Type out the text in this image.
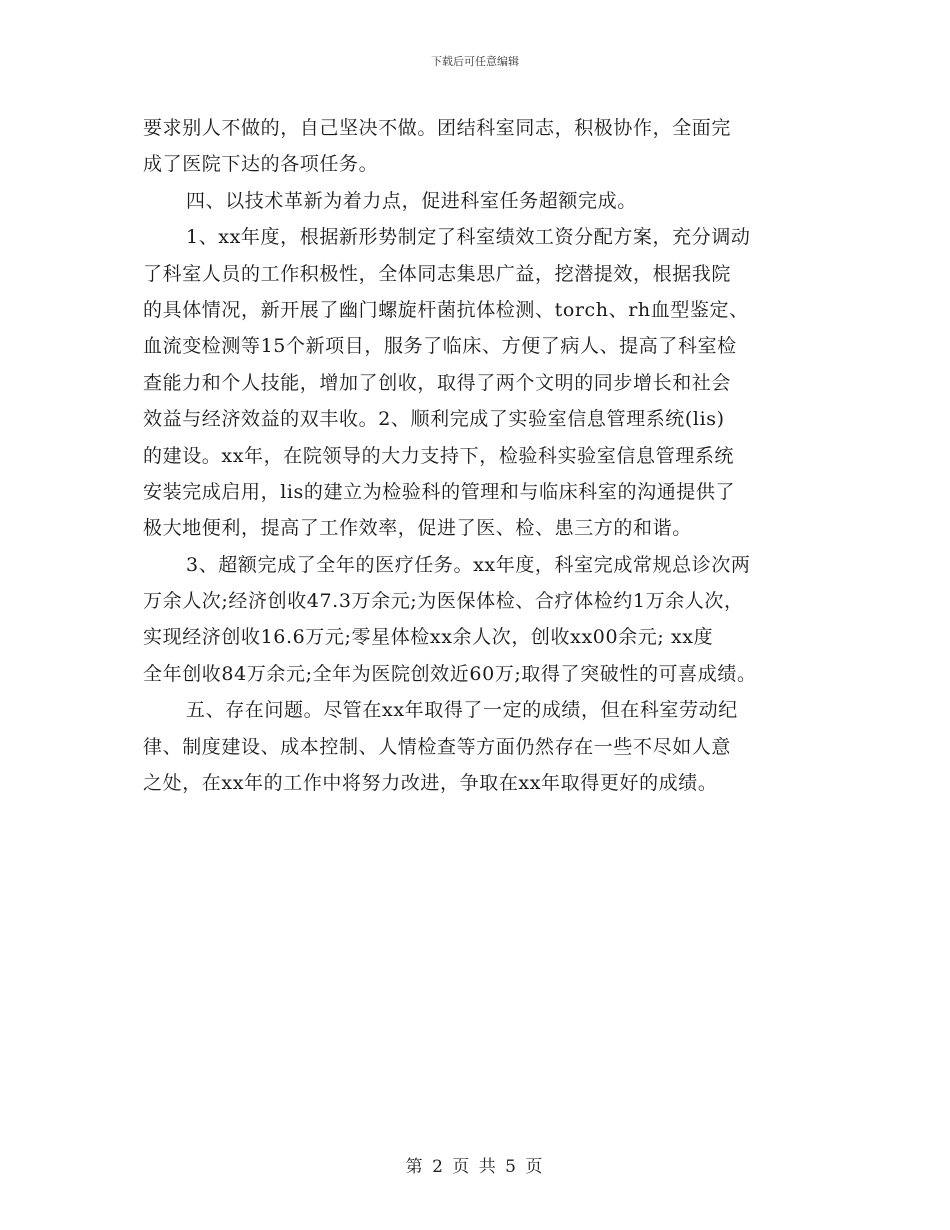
下载后可任意编辑
要求别人不做的，自己坚决不做。团结科室同志，积极协作，全面完
成了医院下达的各项任务。
四、以技术革新为着力点，促进科室任务超额完成。
1、xx年度，根据新形势制定了科室绩效工资分配方案，充分调动
了科室人员的工作积极性，全体同志集思广益，挖潜提效，根据我院
的具体情况，新开展了幽门螺旋杆菌抗体检测、torch、rh血型鉴定、
血流变检测等15个新项目，服务了临床、方便了病人、提高了科室检
查能力和个人技能，增加了创收，取得了两个文明的同步增长和社会
效益与经济效益的双丰收。2、顺利完成了实验室信息管理系统(lis)
的建设。xx年，在院领导的大力支持下，检验科实验室信息管理系统
安装完成启用，lis的建立为检验科的管理和与临床科室的沟通提供了
极大地便利，提高了工作效率，促进了医、检、患三方的和谐。
3、超额完成了全年的医疗任务。xx年度，科室完成常规总诊次两
万余人次;经济创收47.3万余元;为医保体检、合疗体检约1万余人次，
实现经济创收16.6万元;零星体检xx余人次，创收xx00余元; xx度
全年创收84万余元;全年为医院创效近60万;取得了突破性的可喜成绩。
五、存在问题。尽管在xx年取得了一定的成绩，但在科室劳动纪
律、制度建设、成本控制、人情检查等方面仍然存在一些不尽如人意
之处，在xx年的工作中将努力改进，争取在xx年取得更好的成绩。
第 2 页 共 5 页
